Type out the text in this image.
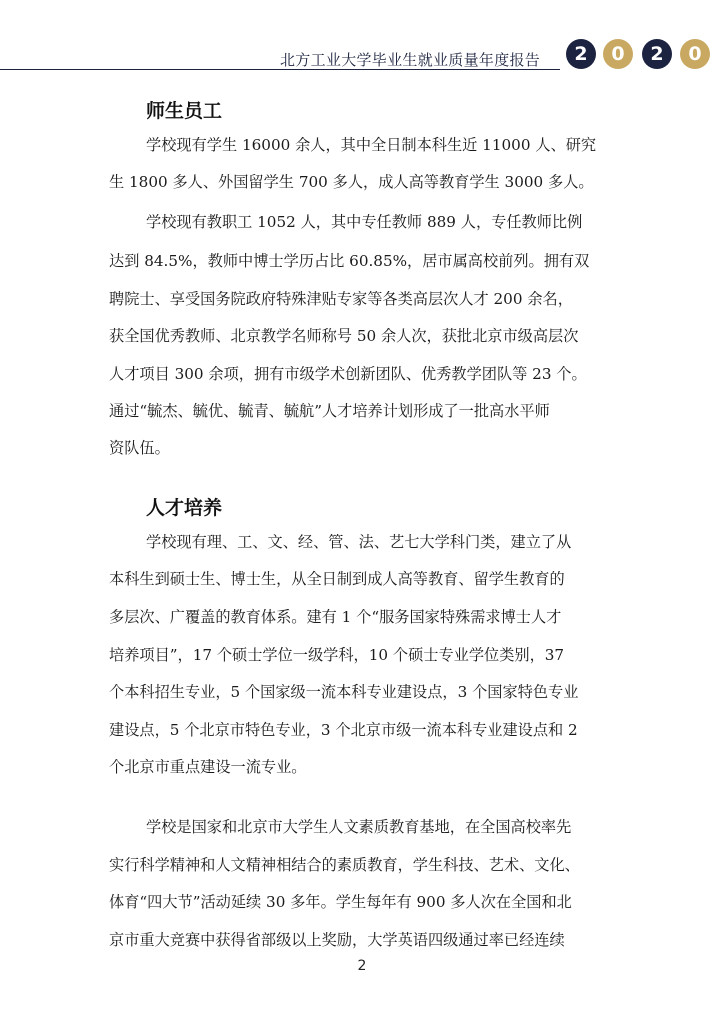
北方工业大学毕业生就业质量年度报告	2	0	2	0
师生员工
学校现有学生 16000 余人，其中全日制本科生近 11000 人、研究
生 1800 多人、外国留学生 700 多人，成人高等教育学生 3000 多人。
学校现有教职工 1052 人，其中专任教师 889 人，专任教师比例
达到 84.5%，教师中博士学历占比 60.85%，居市属高校前列。拥有双
聘院士、享受国务院政府特殊津贴专家等各类高层次人才 200 余名，
获全国优秀教师、北京教学名师称号 50 余人次，获批北京市级高层次
人才项目 300 余项，拥有市级学术创新团队、优秀教学团队等 23 个。
通过“毓杰、毓优、毓青、毓航”人才培养计划形成了一批高水平师
资队伍。
人才培养
学校现有理、工、文、经、管、法、艺七大学科门类，建立了从
本科生到硕士生、博士生，从全日制到成人高等教育、留学生教育的
多层次、广覆盖的教育体系。建有 1 个“服务国家特殊需求博士人才
培养项目”，17 个硕士学位一级学科，10 个硕士专业学位类别，37
个本科招生专业，5 个国家级一流本科专业建设点，3 个国家特色专业
建设点，5 个北京市特色专业，3 个北京市级一流本科专业建设点和 2
个北京市重点建设一流专业。
学校是国家和北京市大学生人文素质教育基地，在全国高校率先
实行科学精神和人文精神相结合的素质教育，学生科技、艺术、文化、
体育“四大节”活动延续 30 多年。学生每年有 900 多人次在全国和北
京市重大竞赛中获得省部级以上奖励，大学英语四级通过率已经连续
2
